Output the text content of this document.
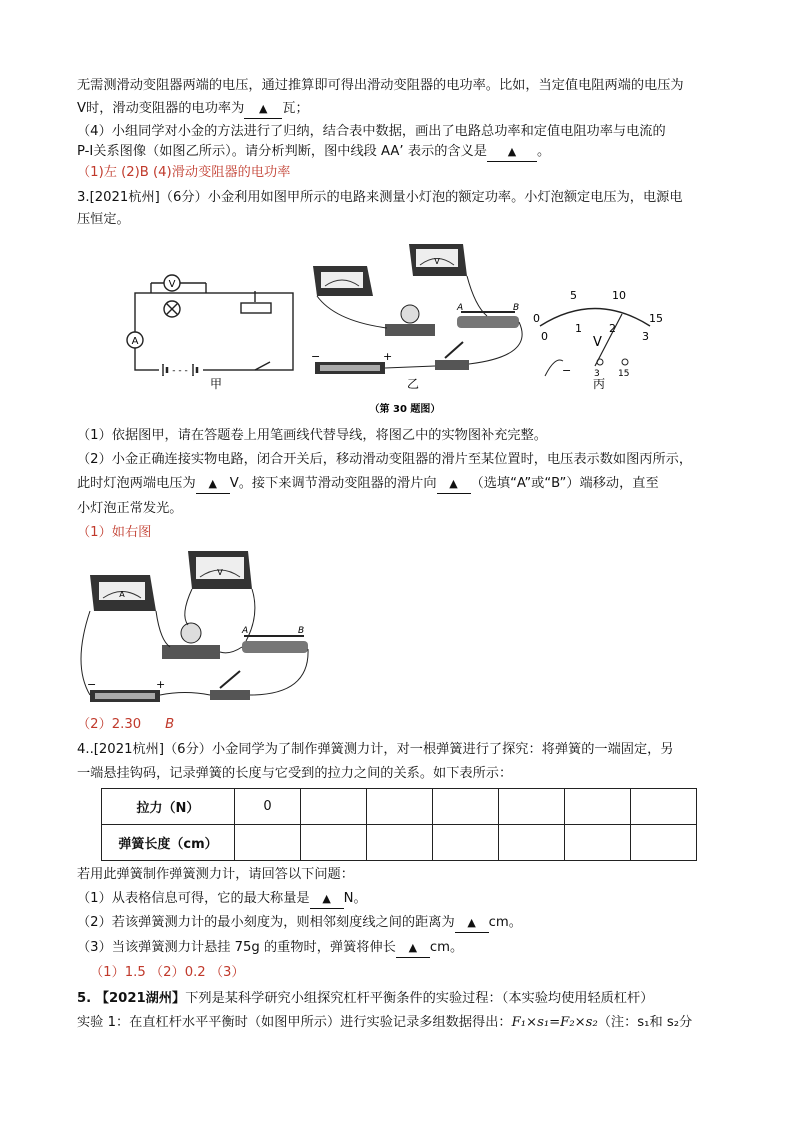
无需测滑动变阻器两端的电压，通过推算即可得出滑动变阻器的电功率。比如，当定值电阻两端的电压为
V时，滑动变阻器的电功率为 ▲ 瓦；
（4）小组同学对小金的方法进行了归纳，结合表中数据，画出了电路总功率和定值电阻功率与电流的
P-I关系图像（如图乙所示）。请分析判断，图中线段 AA’ 表示的含义是 ▲ 。
（1)左 (2)B (4)滑动变阻器的电功率
3.[2021杭州]（6分）小金利用如图甲所示的电路来测量小灯泡的额定功率。小灯泡额定电压为，电源电
压恒定。
- - -
V
A
甲
V
A	B
−	+
乙
5	10
15
0
0
1 2
3
V
−	3 15
丙
（第 30 题图）
（1）依据图甲，请在答题卷上用笔画线代替导线，将图乙中的实物图补充完整。
（2）小金正确连接实物电路，闭合开关后，移动滑动变阻器的滑片至某位置时，电压表示数如图丙所示，
此时灯泡两端电压为 ▲ V。接下来调节滑动变阻器的滑片向 ▲ （选填“A”或“B”）端移动，直至
小灯泡正常发光。
（1）如右图
A
V
A	B
−	+
（2）2.30 B
4..[2021杭州]（6分）小金同学为了制作弹簧测力计，对一根弹簧进行了探究：将弹簧的一端固定，另
一端悬挂钩码，记录弹簧的长度与它受到的拉力之间的关系。如下表所示：
拉力（N）	0						
弹簧长度（cm）							
若用此弹簧制作弹簧测力计，请回答以下问题：
（1）从表格信息可得，它的最大称量是 ▲ N。
（2）若该弹簧测力计的最小刻度为，则相邻刻度线之间的距离为 ▲ cm。
（3）当该弹簧测力计悬挂 75g 的重物时，弹簧将伸长 ▲ cm。
（1）1.5 （2）0.2 （3）
5. 【2021湖州】下列是某科学研究小组探究杠杆平衡条件的实验过程：（本实验均使用轻质杠杆）
实验 1：在直杠杆水平平衡时（如图甲所示）进行实验记录多组数据得出：F₁×s₁=F₂×s₂（注：s₁和 s₂分
